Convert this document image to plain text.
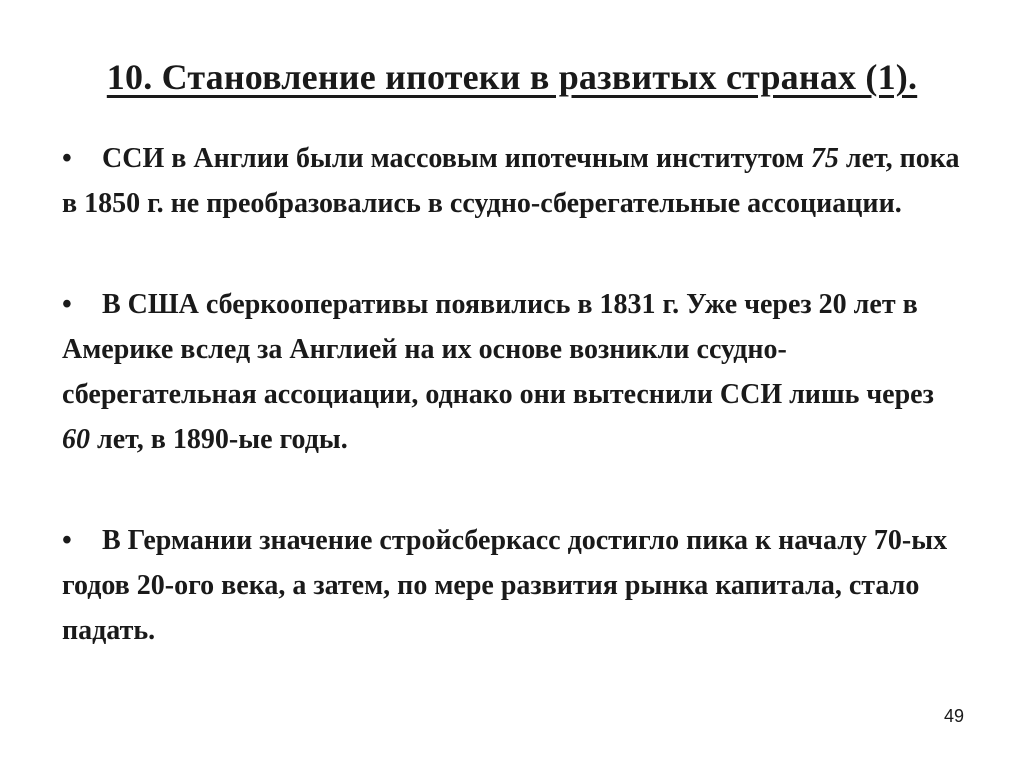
10. Становление ипотеки в развитых странах (1).

• ССИ в Англии были массовым ипотечным институтом 75 лет, пока в 1850 г. не преобразовались в ссудно-сберегательные ассоциации.

• В США сберкооперативы появились в 1831 г. Уже через 20 лет в Америке вслед за Англией на их основе возникли ссудно-сберегательная ассоциации, однако они вытеснили ССИ лишь через 60 лет, в 1890-ые годы.

• В Германии значение стройсберкасс достигло пика к началу 70-ых годов 20-ого века, а затем, по мере развития рынка капитала, стало падать.

49
